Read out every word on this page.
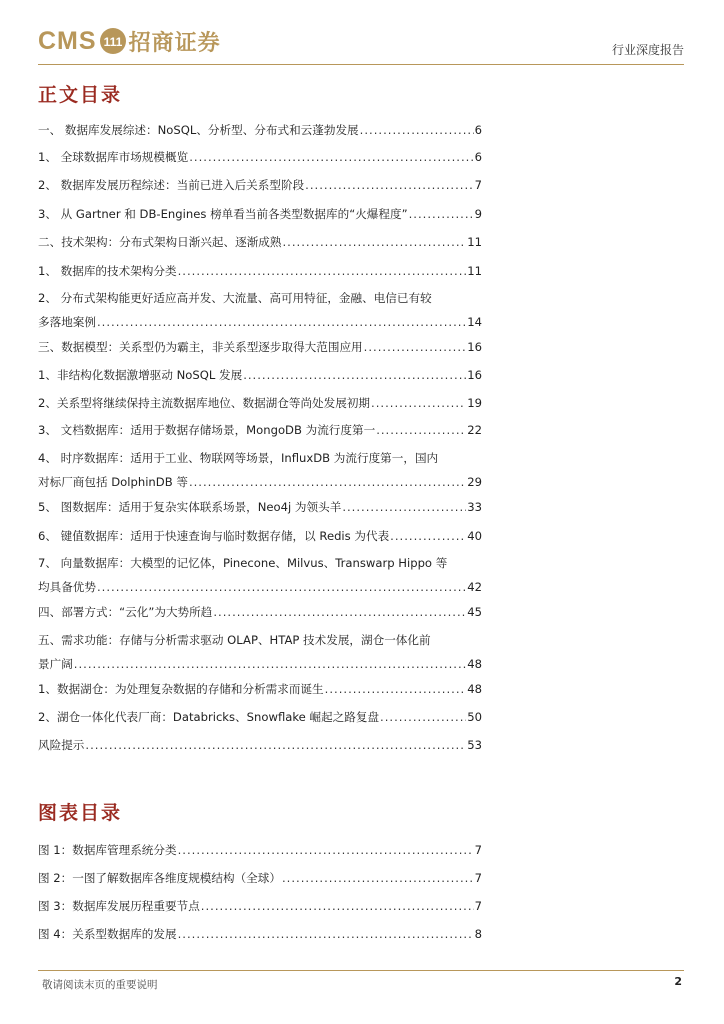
CMS 111 招商证券	行业深度报告
正文目录
一、 数据库发展综述：NoSQL、分析型、分布式和云蓬勃发展 .....	6
1、 全球数据库市场规模概览 .....	6
2、 数据库发展历程综述：当前已进入后关系型阶段 .....	7
3、 从 Gartner 和 DB-Engines 榜单看当前各类型数据库的“火爆程度” .....	9
二、技术架构：分布式架构日渐兴起、逐渐成熟 .....	11
1、 数据库的技术架构分类 .....	11
2、 分布式架构能更好适应高并发、大流量、高可用特征，金融、电信已有较
多落地案例 .....	14
三、数据模型：关系型仍为霸主，非关系型逐步取得大范围应用 .....	16
1、非结构化数据激增驱动 NoSQL 发展 .....	16
2、关系型将继续保持主流数据库地位、数据湖仓等尚处发展初期 .....	19
3、 文档数据库：适用于数据存储场景，MongoDB 为流行度第一 .....	22
4、 时序数据库：适用于工业、物联网等场景，InfluxDB 为流行度第一，国内
对标厂商包括 DolphinDB 等 .....	29
5、 图数据库：适用于复杂实体联系场景，Neo4j 为领头羊 .....	33
6、 键值数据库：适用于快速查询与临时数据存储，以 Redis 为代表 .....	40
7、 向量数据库：大模型的记忆体，Pinecone、Milvus、Transwarp Hippo 等
均具备优势 .....	42
四、部署方式：“云化”为大势所趋 .....	45
五、需求功能：存储与分析需求驱动 OLAP、HTAP 技术发展，湖仓一体化前
景广阔 .....	48
1、数据湖仓：为处理复杂数据的存储和分析需求而诞生 .....	48
2、湖仓一体化代表厂商：Databricks、Snowflake 崛起之路复盘 .....	50
风险提示 .....	53
图表目录
图 1：数据库管理系统分类 .....	7
图 2：一图了解数据库各维度规模结构（全球） .....	7
图 3：数据库发展历程重要节点 .....	7
图 4：关系型数据库的发展 .....	8
敬请阅读末页的重要说明	2
